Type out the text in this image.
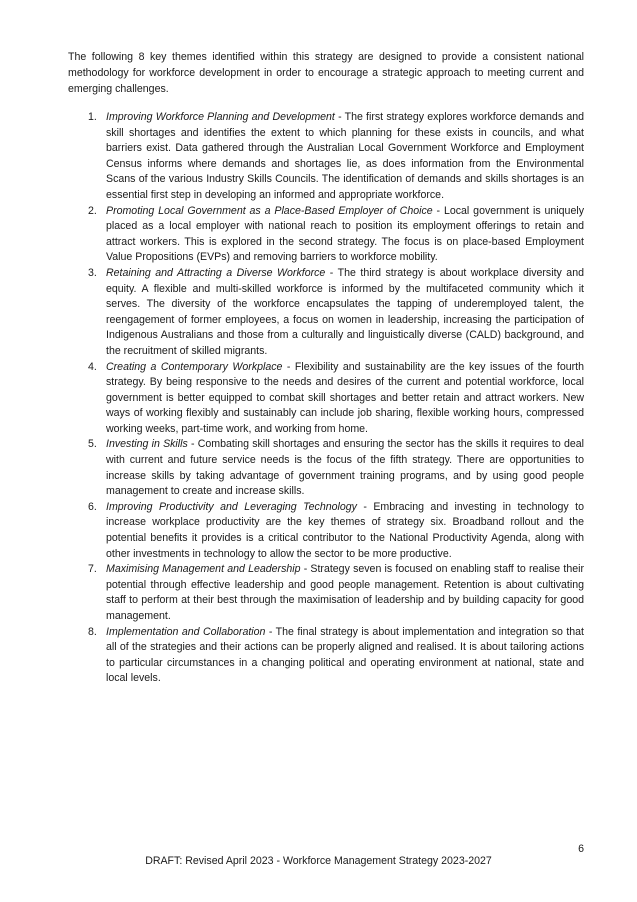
The following 8 key themes identified within this strategy are designed to provide a consistent national methodology for workforce development in order to encourage a strategic approach to meeting current and emerging challenges.

1. Improving Workforce Planning and Development - The first strategy explores workforce demands and skill shortages and identifies the extent to which planning for these exists in councils, and what barriers exist. Data gathered through the Australian Local Government Workforce and Employment Census informs where demands and shortages lie, as does information from the Environmental Scans of the various Industry Skills Councils. The identification of demands and skills shortages is an essential first step in developing an informed and appropriate workforce.
2. Promoting Local Government as a Place-Based Employer of Choice - Local government is uniquely placed as a local employer with national reach to position its employment offerings to retain and attract workers. This is explored in the second strategy. The focus is on place-based Employment Value Propositions (EVPs) and removing barriers to workforce mobility.
3. Retaining and Attracting a Diverse Workforce - The third strategy is about workplace diversity and equity. A flexible and multi-skilled workforce is informed by the multifaceted community which it serves. The diversity of the workforce encapsulates the tapping of underemployed talent, the reengagement of former employees, a focus on women in leadership, increasing the participation of Indigenous Australians and those from a culturally and linguistically diverse (CALD) background, and the recruitment of skilled migrants.
4. Creating a Contemporary Workplace - Flexibility and sustainability are the key issues of the fourth strategy. By being responsive to the needs and desires of the current and potential workforce, local government is better equipped to combat skill shortages and better retain and attract workers. New ways of working flexibly and sustainably can include job sharing, flexible working hours, compressed working weeks, part-time work, and working from home.
5. Investing in Skills - Combating skill shortages and ensuring the sector has the skills it requires to deal with current and future service needs is the focus of the fifth strategy. There are opportunities to increase skills by taking advantage of government training programs, and by using good people management to create and increase skills.
6. Improving Productivity and Leveraging Technology - Embracing and investing in technology to increase workplace productivity are the key themes of strategy six. Broadband rollout and the potential benefits it provides is a critical contributor to the National Productivity Agenda, along with other investments in technology to allow the sector to be more productive.
7. Maximising Management and Leadership - Strategy seven is focused on enabling staff to realise their potential through effective leadership and good people management. Retention is about cultivating staff to perform at their best through the maximisation of leadership and by building capacity for good management.
8. Implementation and Collaboration - The final strategy is about implementation and integration so that all of the strategies and their actions can be properly aligned and realised. It is about tailoring actions to particular circumstances in a changing political and operating environment at national, state and local levels.
6
DRAFT: Revised April 2023 - Workforce Management Strategy 2023-2027
